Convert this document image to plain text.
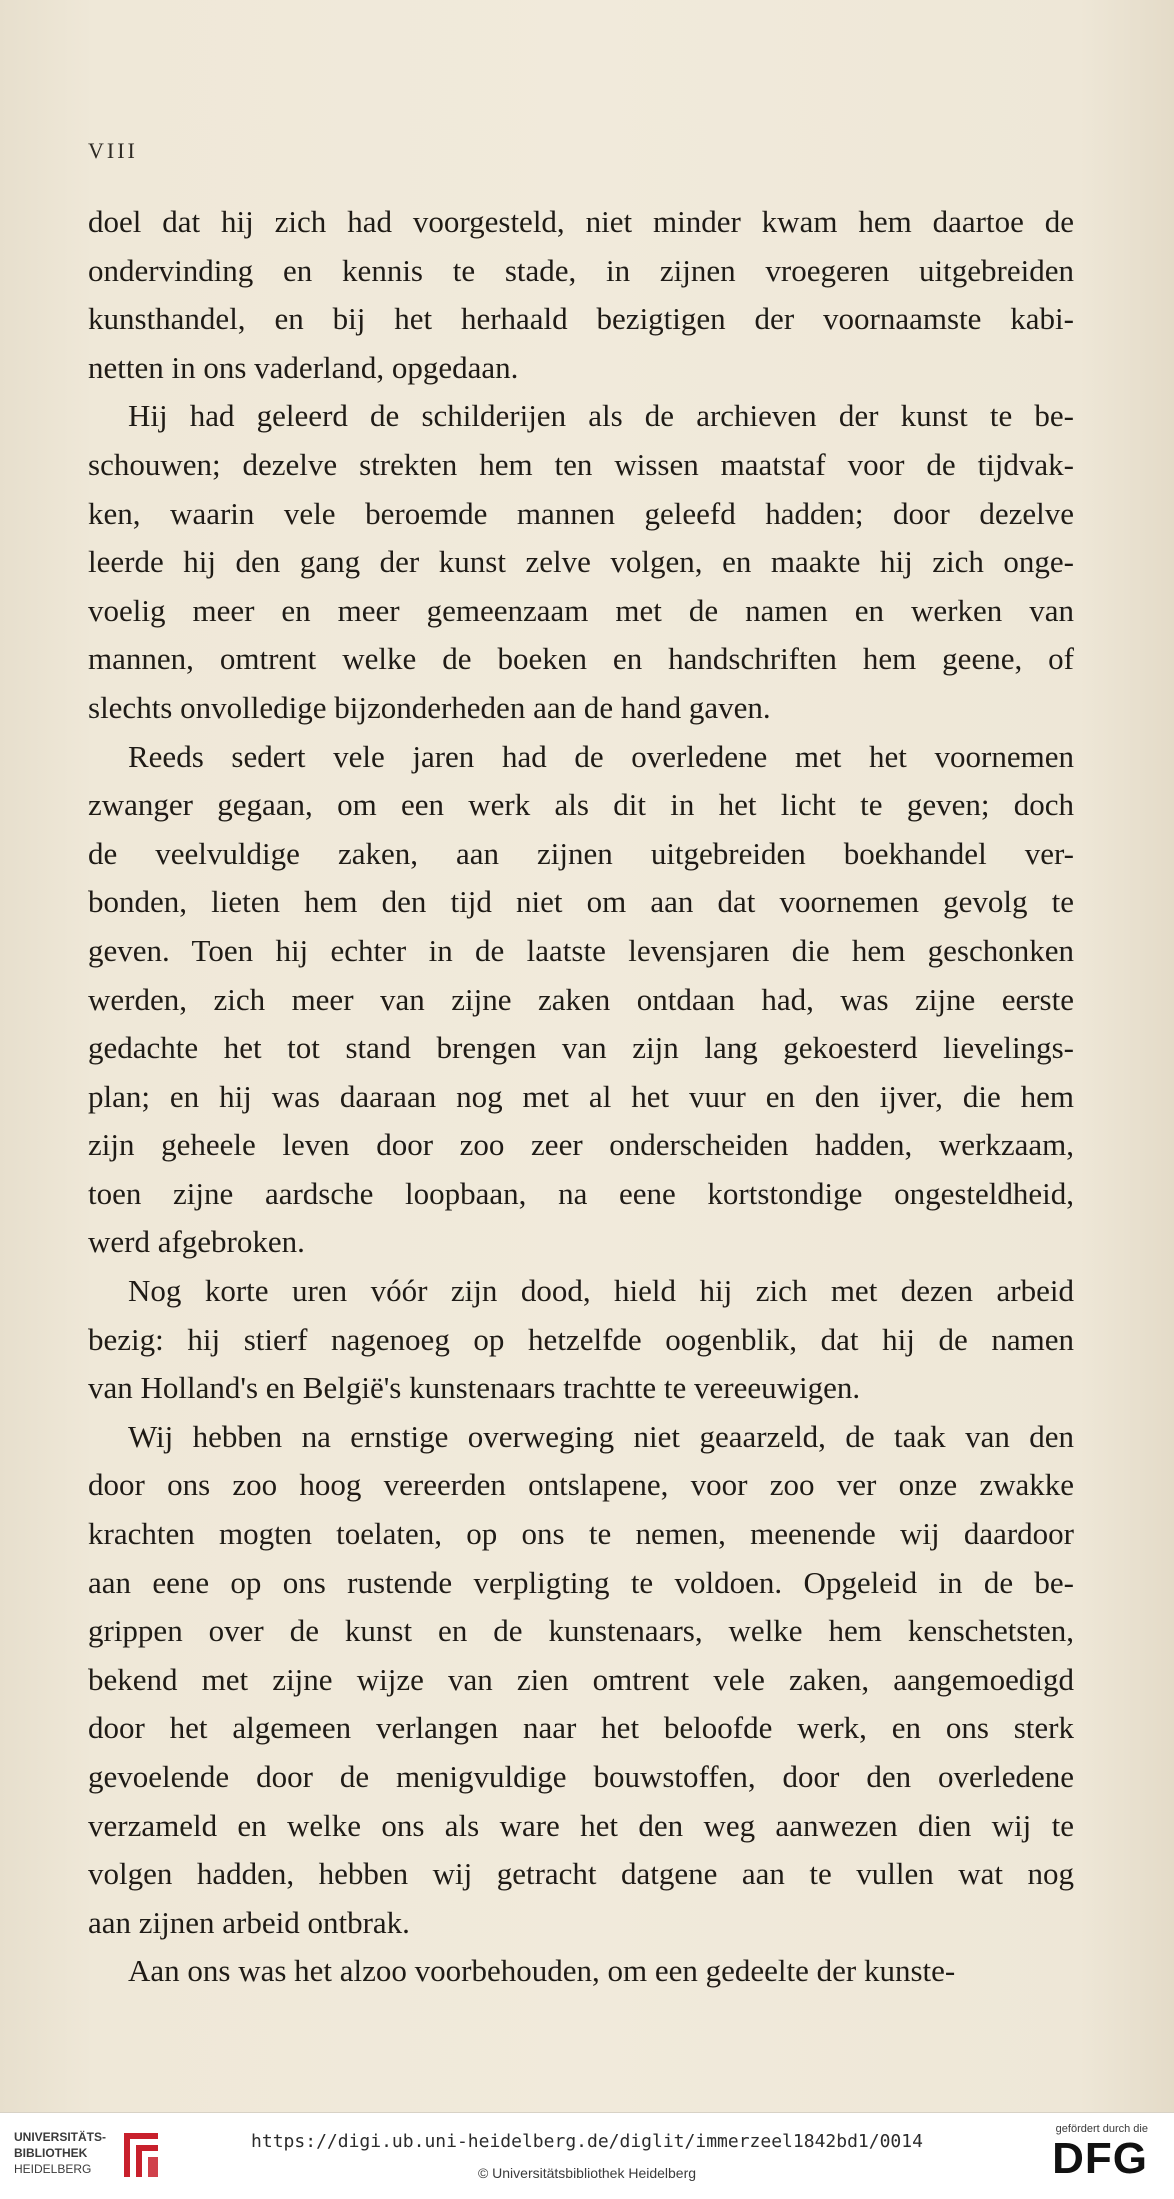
VIII
doel dat hij zich had voorgesteld, niet minder kwam hem daartoe de
ondervinding en kennis te stade, in zijnen vroegeren uitgebreiden
kunsthandel, en bij het herhaald bezigtigen der voornaamste kabi-
netten in ons vaderland, opgedaan.
Hij had geleerd de schilderijen als de archieven der kunst te be-
schouwen; dezelve strekten hem ten wissen maatstaf voor de tijdvak-
ken, waarin vele beroemde mannen geleefd hadden; door dezelve
leerde hij den gang der kunst zelve volgen, en maakte hij zich onge-
voelig meer en meer gemeenzaam met de namen en werken van
mannen, omtrent welke de boeken en handschriften hem geene, of
slechts onvolledige bijzonderheden aan de hand gaven.
Reeds sedert vele jaren had de overledene met het voornemen
zwanger gegaan, om een werk als dit in het licht te geven; doch
de veelvuldige zaken, aan zijnen uitgebreiden boekhandel ver-
bonden, lieten hem den tijd niet om aan dat voornemen gevolg te
geven. Toen hij echter in de laatste levensjaren die hem geschonken
werden, zich meer van zijne zaken ontdaan had, was zijne eerste
gedachte het tot stand brengen van zijn lang gekoesterd lievelings-
plan; en hij was daaraan nog met al het vuur en den ijver, die hem
zijn geheele leven door zoo zeer onderscheiden hadden, werkzaam,
toen zijne aardsche loopbaan, na eene kortstondige ongesteldheid,
werd afgebroken.
Nog korte uren vóór zijn dood, hield hij zich met dezen arbeid
bezig: hij stierf nagenoeg op hetzelfde oogenblik, dat hij de namen
van Holland's en België's kunstenaars trachtte te vereeuwigen.
Wij hebben na ernstige overweging niet geaarzeld, de taak van den
door ons zoo hoog vereerden ontslapene, voor zoo ver onze zwakke
krachten mogten toelaten, op ons te nemen, meenende wij daardoor
aan eene op ons rustende verpligting te voldoen. Opgeleid in de be-
grippen over de kunst en de kunstenaars, welke hem kenschetsten,
bekend met zijne wijze van zien omtrent vele zaken, aangemoedigd
door het algemeen verlangen naar het beloofde werk, en ons sterk
gevoelende door de menigvuldige bouwstoffen, door den overledene
verzameld en welke ons als ware het den weg aanwezen dien wij te
volgen hadden, hebben wij getracht datgene aan te vullen wat nog
aan zijnen arbeid ontbrak.
Aan ons was het alzoo voorbehouden, om een gedeelte der kunste-
UNIVERSITÄTS-
BIBLIOTHEK
HEIDELBERG
https://digi.ub.uni-heidelberg.de/diglit/immerzeel1842bd1/0014
© Universitätsbibliothek Heidelberg
gefördert durch die
DFG
